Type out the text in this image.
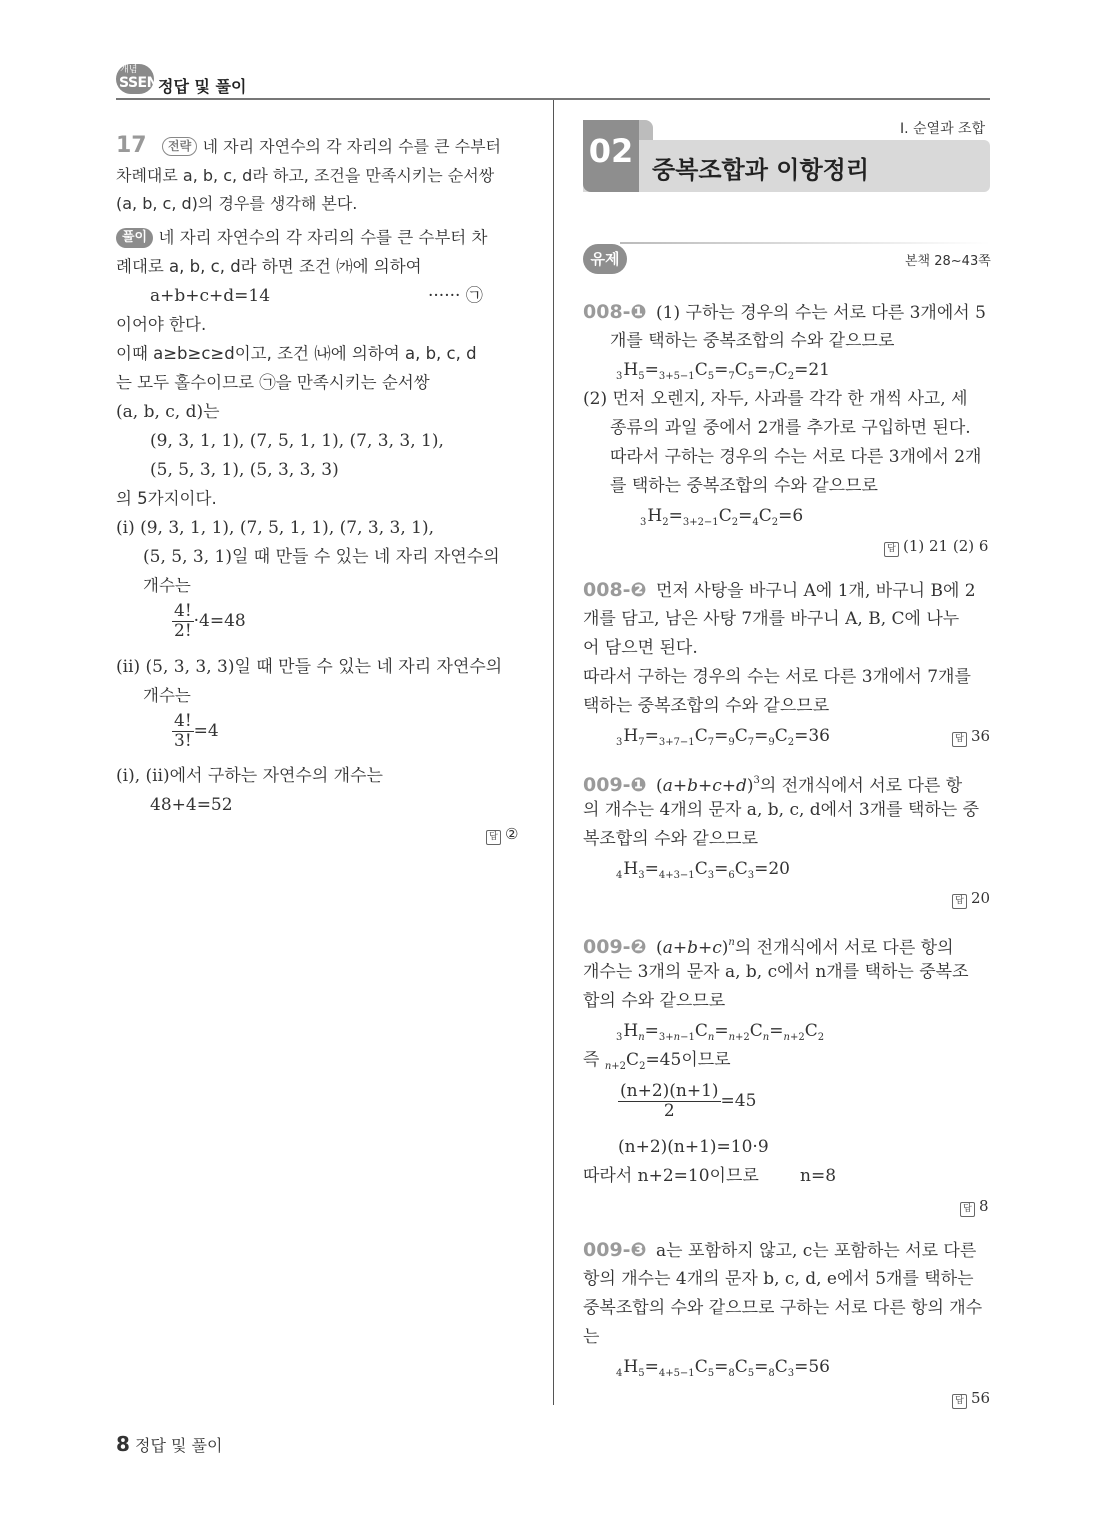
개념
SSEN 정답 및 풀이
17 전략 네 자리 자연수의 각 자리의 수를 큰 수부터
차례대로 a, b, c, d라 하고, 조건을 만족시키는 순서쌍
(a, b, c, d)의 경우를 생각해 본다.
풀이 네 자리 자연수의 각 자리의 수를 큰 수부터 차
례대로 a, b, c, d라 하면 조건 ㈎에 의하여
a+b+c+d=14	······ ㉠
이어야 한다.
이때 a≥b≥c≥d이고, 조건 ㈏에 의하여 a, b, c, d
는 모두 홀수이므로 ㉠을 만족시키는 순서쌍
(a, b, c, d)는
(9, 3, 1, 1), (7, 5, 1, 1), (7, 3, 3, 1),
(5, 5, 3, 1), (5, 3, 3, 3)
의 5가지이다.
(ⅰ) (9, 3, 1, 1), (7, 5, 1, 1), (7, 3, 3, 1),
(5, 5, 3, 1)일 때 만들 수 있는 네 자리 자연수의
개수는
$\frac{4!}{2!} \cdot 4=48$
(ⅱ) (5, 3, 3, 3)일 때 만들 수 있는 네 자리 자연수의
개수는
$\frac{4!}{3!} =4$
(ⅰ), (ⅱ)에서 구하는 자연수의 개수는
48+4=52
답 ②
Ⅰ. 순열과 조합
02 중복조합과 이항정리
유제	본책 28~43쪽
008-❶ (1) 구하는 경우의 수는 서로 다른 3개에서 5
개를 택하는 중복조합의 수와 같으므로
$_3H_5=_{3+5-1}C_5=_7C_5=_7C_2=21$
(2) 먼저 오렌지, 자두, 사과를 각각 한 개씩 사고, 세
종류의 과일 중에서 2개를 추가로 구입하면 된다.
따라서 구하는 경우의 수는 서로 다른 3개에서 2개
를 택하는 중복조합의 수와 같으므로
$_3H_2=_{3+2-1}C_2=_4C_2=6$
답 (1) 21 (2) 6
008-❷ 먼저 사탕을 바구니 A에 1개, 바구니 B에 2
개를 담고, 남은 사탕 7개를 바구니 A, B, C에 나누
어 담으면 된다.
따라서 구하는 경우의 수는 서로 다른 3개에서 7개를
택하는 중복조합의 수와 같으므로
$_3H_7=_{3+7-1}C_7=_9C_7=_9C_2=36$	답 36
009-❶ $(a+b+c+d)^3$의 전개식에서 서로 다른 항
의 개수는 4개의 문자 a, b, c, d에서 3개를 택하는 중
복조합의 수와 같으므로
$_4H_3=_{4+3-1}C_3=_6C_3=20$
답 20
009-❷ $(a+b+c)^n$의 전개식에서 서로 다른 항의
개수는 3개의 문자 a, b, c에서 n개를 택하는 중복조
합의 수와 같으므로
$_3H_n=_{3+n-1}C_n=_{n+2}C_n=_{n+2}C_2$
즉 $_{n+2}C_2=45$이므로
$\frac{(n+2)(n+1)}{2} =45$
(n+2)(n+1)=10·9
따라서 n+2=10이므로 n=8
답 8
009-❸ a는 포함하지 않고, c는 포함하는 서로 다른
항의 개수는 4개의 문자 b, c, d, e에서 5개를 택하는
중복조합의 수와 같으므로 구하는 서로 다른 항의 개수
는
$_4H_5=_{4+5-1}C_5=_8C_5=_8C_3=56$
답 56
8 정답 및 풀이
